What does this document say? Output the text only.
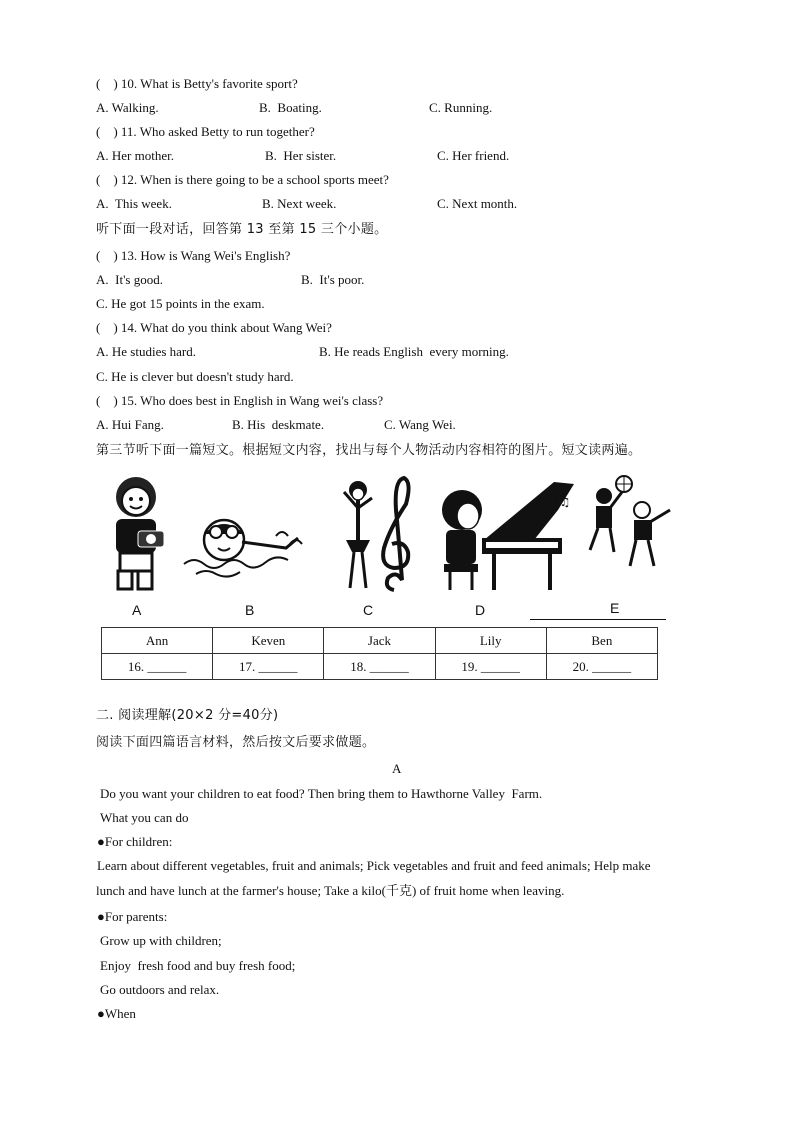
(    ) 10. What is Betty's favorite sport?
A. Walking.	B.  Boating.	C. Running.
(    ) 11. Who asked Betty to run together?
A. Her mother.	B.  Her sister.	C. Her friend.
(    ) 12. When is there going to be a school sports meet?
A.  This week.	B. Next week.	C. Next month.
听下面一段对话，回答第 13 至第 15 三个小题。
(    ) 13. How is Wang Wei's English?
A.  It's good.	B.  It's poor.
C. He got 15 points in the exam.
(    ) 14. What do you think about Wang Wei?
A. He studies hard.	B. He reads English  every morning.
C. He is clever but doesn't study hard.
(    ) 15. Who does best in English in Wang wei's class?
A. Hui Fang.	B. His  deskmate.	C. Wang Wei.
第三节听下面一篇短文。根据短文内容，找出与每个人物活动内容相符的图片。短文读两遍。
♪♫
A	B	C	D	E
Ann	Keven	Jack	Lily	Ben
16. ______	17. ______	18. ______	19. ______	20. ______
二. 阅读理解(20×2 分=40分)
阅读下面四篇语言材料，然后按文后要求做题。
A
Do you want your children to eat food? Then bring them to Hawthorne Valley  Farm.
What you can do
●For children:
Learn about different vegetables, fruit and animals; Pick vegetables and fruit and feed animals; Help make
lunch and have lunch at the farmer's house; Take a kilo(千克) of fruit home when leaving.
●For parents:
Grow up with children;
Enjoy  fresh food and buy fresh food;
Go outdoors and relax.
●When
